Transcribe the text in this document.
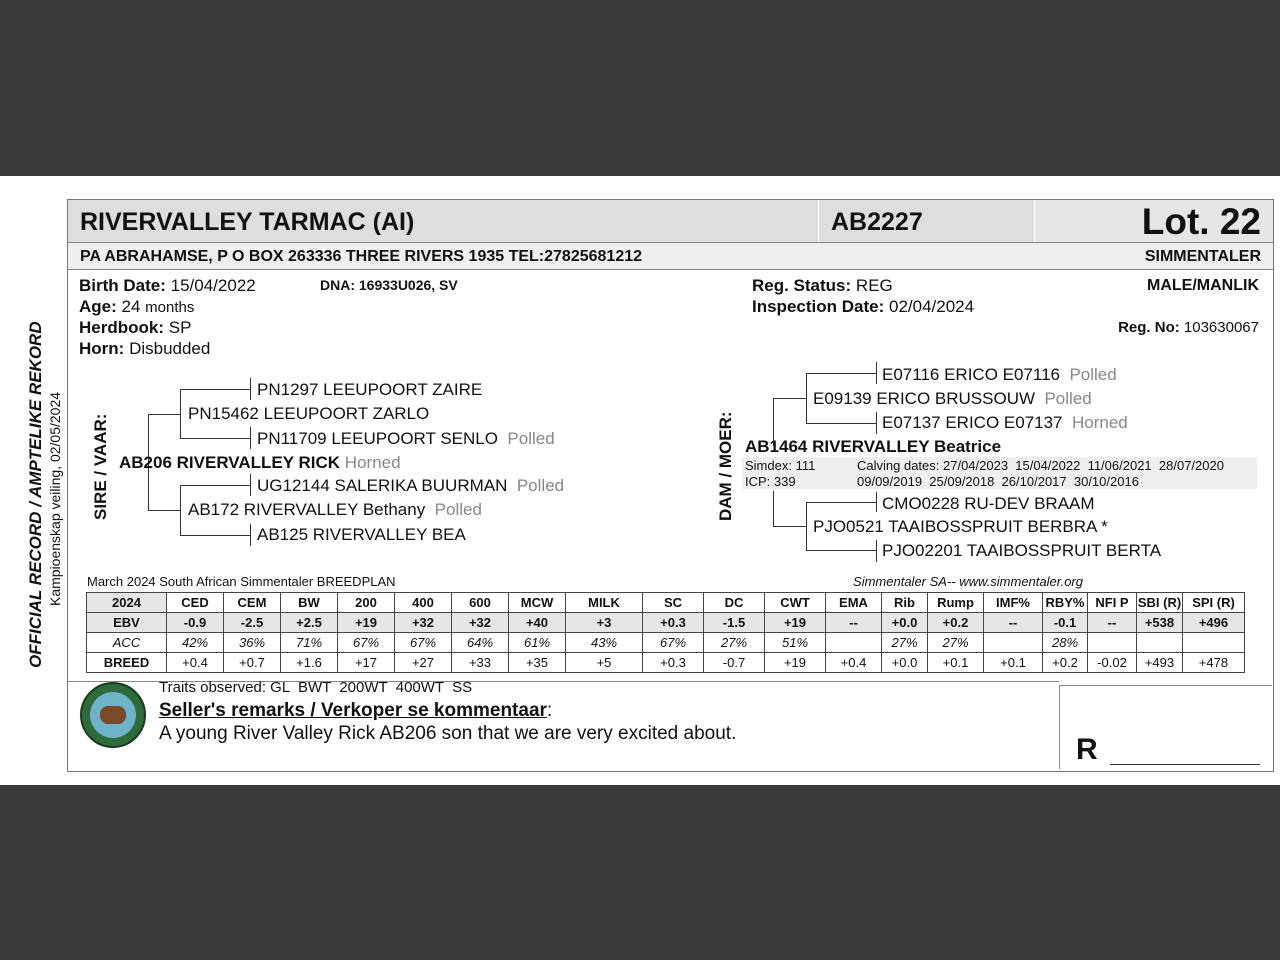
OFFICIAL RECORD / AMPTELIKE REKORD Kampioenskap veiling, 02/05/2024
RIVERVALLEY TARMAC (AI)	AB2227	Lot. 22
PA ABRAHAMSE, P O BOX 263336 THREE RIVERS 1935 TEL:27825681212	SIMMENTALER
Birth Date: 15/04/2022	DNA: 16933U026, SV
Age: 24 months
Herdbook: SP
Horn: Disbudded
Reg. Status: REG
Inspection Date: 02/04/2024
MALE/MANLIK
Reg. No: 103630067
SIRE / VAAR:
PN1297 LEEUPOORT ZAIRE
PN15462 LEEUPOORT ZARLO
PN11709 LEEUPOORT SENLO Polled
AB206 RIVERVALLEY RICK Horned
UG12144 SALERIKA BUURMAN Polled
AB172 RIVERVALLEY Bethany Polled
AB125 RIVERVALLEY BEA
DAM / MOER:
E07116 ERICO E07116 Polled
E09139 ERICO BRUSSOUW Polled
E07137 ERICO E07137 Horned
AB1464 RIVERVALLEY Beatrice
Simdex: 111
ICP: 339
Calving dates: 27/04/2023  15/04/2022  11/06/2021  28/07/2020
09/09/2019  25/09/2018  26/10/2017  30/10/2016
CMO0228 RU-DEV BRAAM
PJO0521 TAAIBOSSPRUIT BERBRA *
PJO02201 TAAIBOSSPRUIT BERTA
March 2024 South African Simmentaler BREEDPLAN	Simmentaler SA-- www.simmentaler.org
2024	CED	CEM	BW	200	400	600	MCW	MILK	SC	DC	CWT	EMA	Rib	Rump	IMF%	RBY%	NFI P	SBI (R)	SPI (R)
EBV	-0.9	-2.5	+2.5	+19	+32	+32	+40	+3	+0.3	-1.5	+19	--	+0.0	+0.2	--	-0.1	--	+538	+496
ACC	42%	36%	71%	67%	67%	64%	61%	43%	67%	27%	51%		27%	27%		28%			
BREED	+0.4	+0.7	+1.6	+17	+27	+33	+35	+5	+0.3	-0.7	+19	+0.4	+0.0	+0.1	+0.1	+0.2	-0.02	+493	+478
Traits observed: GL  BWT  200WT  400WT  SS
Seller's remarks / Verkoper se kommentaar:
A young River Valley Rick AB206 son that we are very excited about.	R
